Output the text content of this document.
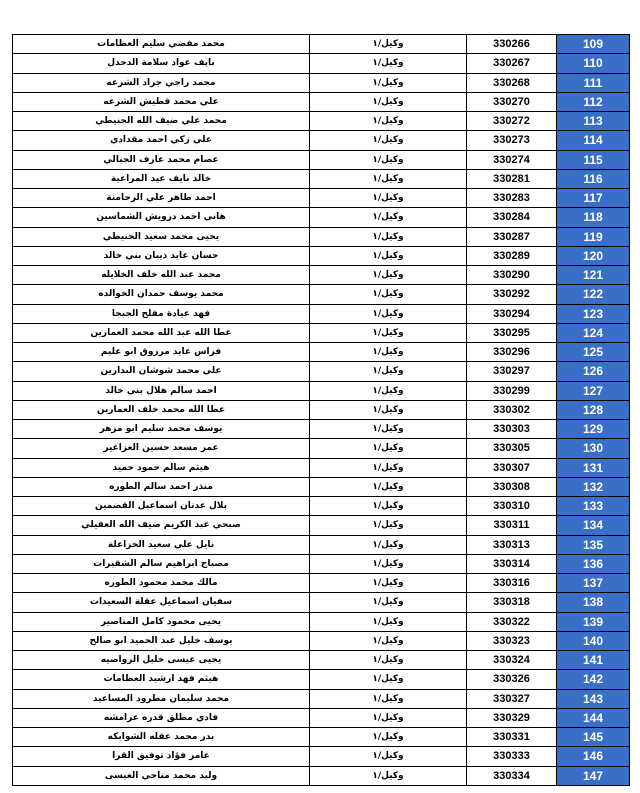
محمد مفضي سليم العظامات	وكيل/١	330266	109
نايف عواد سلامة الدحدل	وكيل/١	330267	110
محمد راجي جراد الشرعه	وكيل/١	330268	111
علي محمد قطيش الشرعه	وكيل/١	330270	112
محمد علي ضيف الله الحنيطي	وكيل/١	330272	113
علي زكي احمد مقدادي	وكيل/١	330273	114
عصام محمد عارف الجبالي	وكيل/١	330274	115
خالد نايف عيد المراعية	وكيل/١	330281	116
احمد طاهر علي الرحامنة	وكيل/١	330283	117
هاني احمد درويش الشماسين	وكيل/١	330284	118
يحيى محمد سعيد الحنيطي	وكيل/١	330287	119
حسان عايد ذيبان بني خالد	وكيل/١	330289	120
محمد عبد الله خلف الخلايله	وكيل/١	330290	121
محمد يوسف حمدان الخوالده	وكيل/١	330292	122
فهد عيادة مفلح الجبجا	وكيل/١	330294	123
عطا الله عبد الله محمد العمارين	وكيل/١	330295	124
فراس عايد مرزوق ابو عليم	وكيل/١	330296	125
علي محمد شوشان البدارين	وكيل/١	330297	126
احمد سالم هلال بني خالد	وكيل/١	330299	127
عطا الله محمد خلف العمارين	وكيل/١	330302	128
يوسف محمد سليم ابو مزهر	وكيل/١	330303	129
عمر مسعد حسين الغزاغير	وكيل/١	330305	130
هيثم سالم حمود حميد	وكيل/١	330307	131
منذر احمد سالم الطوره	وكيل/١	330308	132
بلال عدنان اسماعيل القضمين	وكيل/١	330310	133
صبحي عبد الكريم ضيف الله العقيلي	وكيل/١	330311	134
نايل علي سعيد الخزاعلة	وكيل/١	330313	135
مصباح ابراهيم سالم الشقيرات	وكيل/١	330314	136
مالك محمد محمود الطوره	وكيل/١	330316	137
سفيان اسماعيل عقلة السعيدات	وكيل/١	330318	138
يحيى محمود كامل المناصير	وكيل/١	330322	139
يوسف خليل عبد الحميد ابو صالح	وكيل/١	330323	140
يحيى عيسى خليل الرواضيه	وكيل/١	330324	141
هيثم فهد ارشيد العظامات	وكيل/١	330326	142
محمد سليمان مطرود المساعيد	وكيل/١	330327	143
فادي مطلق قدره عرامشه	وكيل/١	330329	144
بدر محمد عقله الشوابكه	وكيل/١	330331	145
عامر فؤاد توفيق القرا	وكيل/١	330333	146
وليد محمد مناحي العيسى	وكيل/١	330334	147
